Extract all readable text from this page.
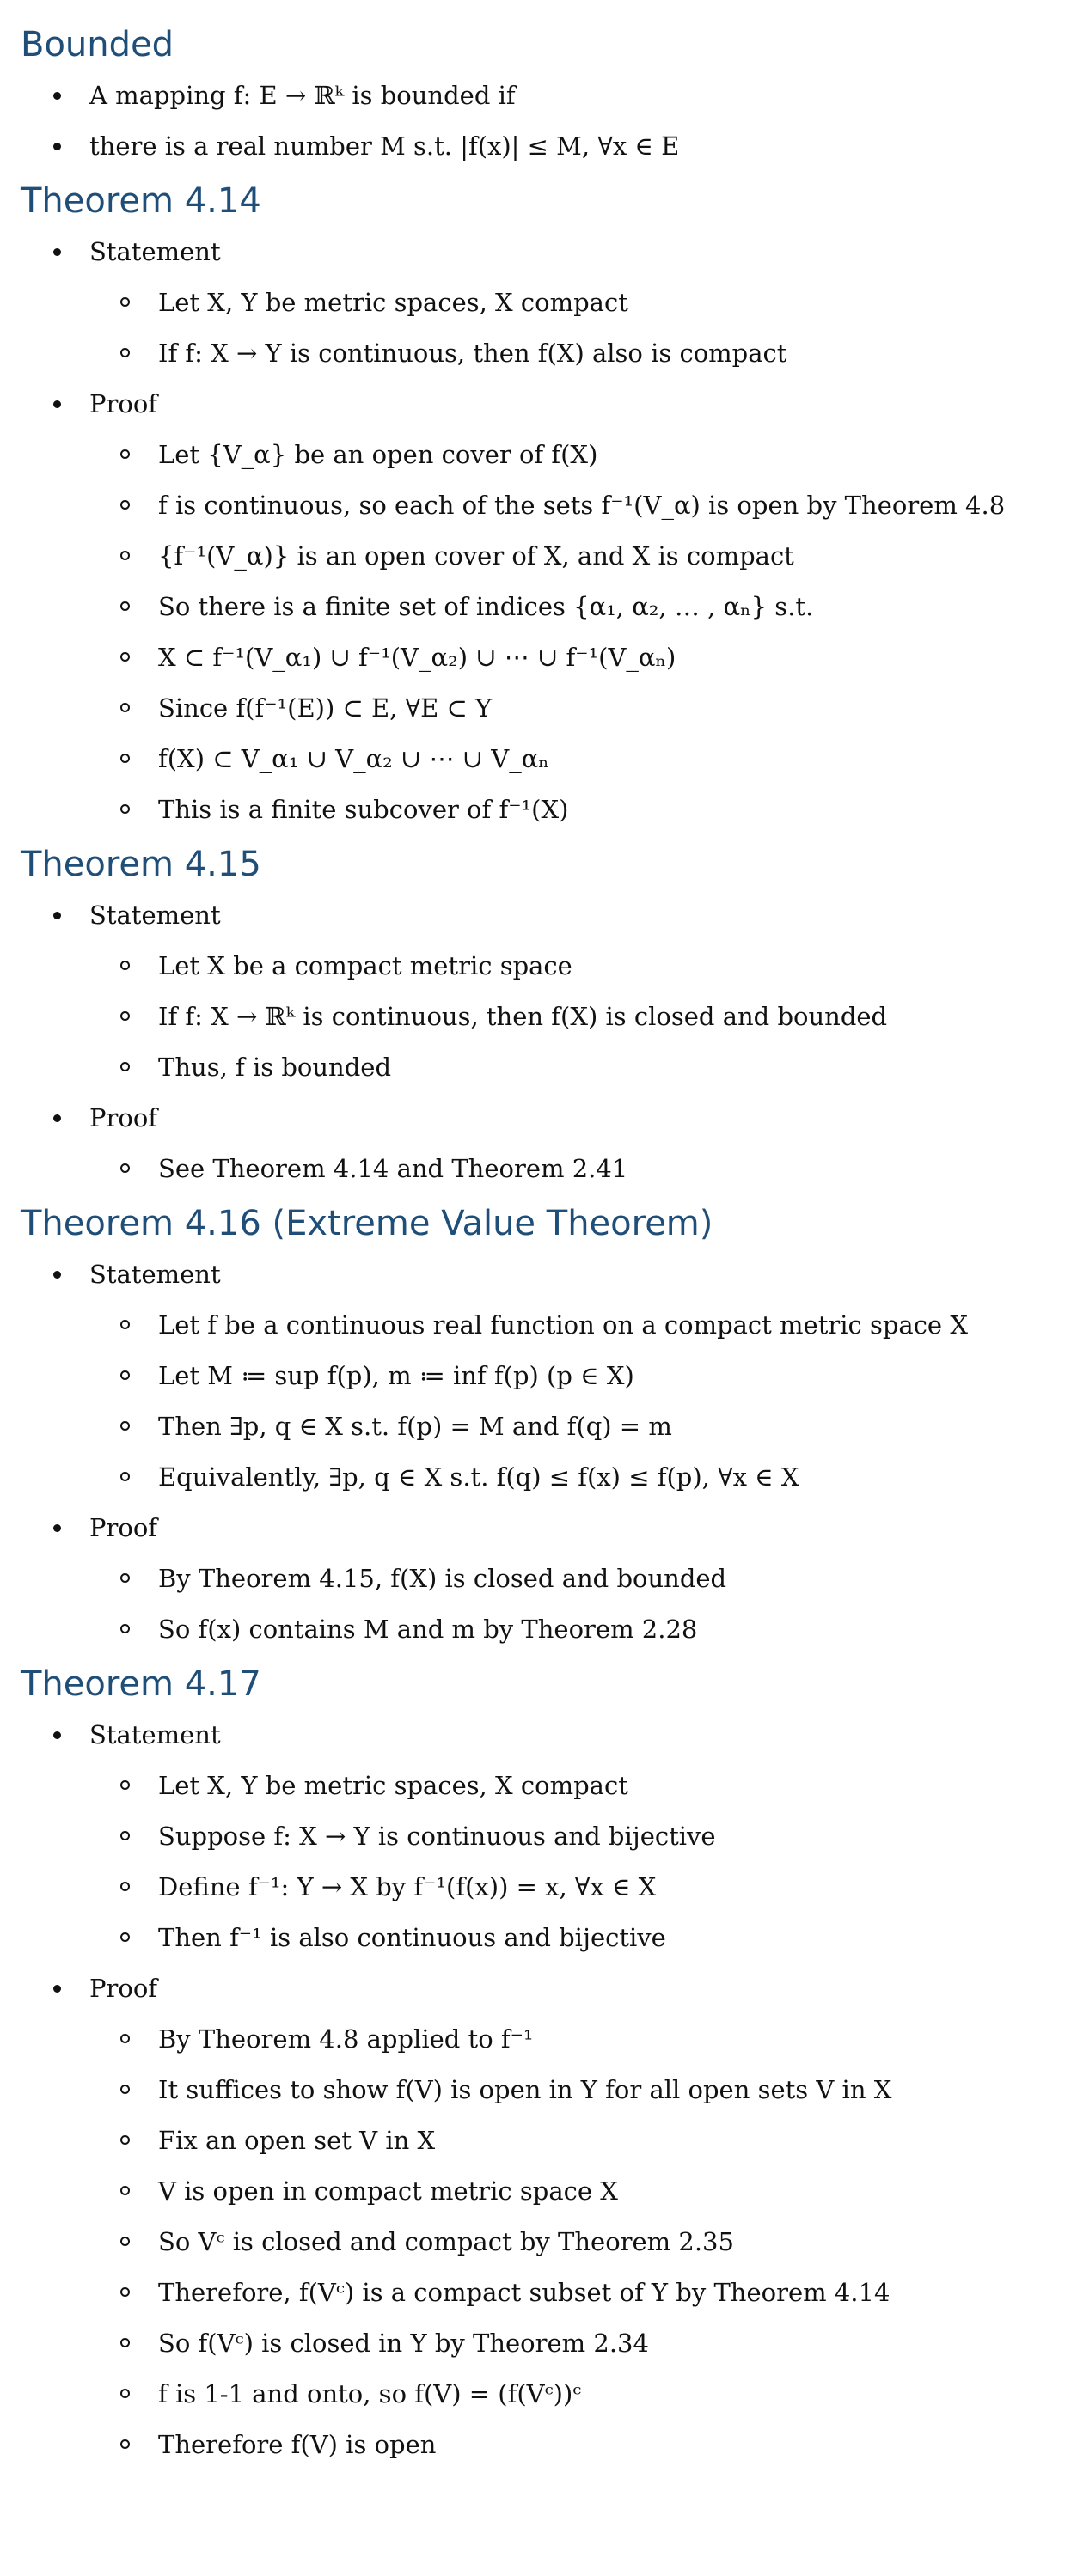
Bounded
A mapping f: E → ℝᵏ is bounded if
there is a real number M s.t. |f(x)| ≤ M, ∀x ∈ E
Theorem 4.14
Statement
Let X, Y be metric spaces, X compact
If f: X → Y is continuous, then f(X) also is compact
Proof
Let {V_α} be an open cover of f(X)
f is continuous, so each of the sets f⁻¹(V_α) is open by Theorem 4.8
{f⁻¹(V_α)} is an open cover of X, and X is compact
So there is a finite set of indices {α₁, α₂, … , αₙ} s.t.
X ⊂ f⁻¹(V_α₁) ∪ f⁻¹(V_α₂) ∪ ⋯ ∪ f⁻¹(V_αₙ)
Since f(f⁻¹(E)) ⊂ E, ∀E ⊂ Y
f(X) ⊂ V_α₁ ∪ V_α₂ ∪ ⋯ ∪ V_αₙ
This is a finite subcover of f⁻¹(X)
Theorem 4.15
Statement
Let X be a compact metric space
If f: X → ℝᵏ is continuous, then f(X) is closed and bounded
Thus, f is bounded
Proof
See Theorem 4.14 and Theorem 2.41
Theorem 4.16 (Extreme Value Theorem)
Statement
Let f be a continuous real function on a compact metric space X
Let M ≔ sup f(p), m ≔ inf f(p) (p ∈ X)
Then ∃p, q ∈ X s.t. f(p) = M and f(q) = m
Equivalently, ∃p, q ∈ X s.t. f(q) ≤ f(x) ≤ f(p), ∀x ∈ X
Proof
By Theorem 4.15, f(X) is closed and bounded
So f(x) contains M and m by Theorem 2.28
Theorem 4.17
Statement
Let X, Y be metric spaces, X compact
Suppose f: X → Y is continuous and bijective
Define f⁻¹: Y → X by f⁻¹(f(x)) = x, ∀x ∈ X
Then f⁻¹ is also continuous and bijective
Proof
By Theorem 4.8 applied to f⁻¹
It suffices to show f(V) is open in Y for all open sets V in X
Fix an open set V in X
V is open in compact metric space X
So Vᶜ is closed and compact by Theorem 2.35
Therefore, f(Vᶜ) is a compact subset of Y by Theorem 4.14
So f(Vᶜ) is closed in Y by Theorem 2.34
f is 1-1 and onto, so f(V) = (f(Vᶜ))ᶜ
Therefore f(V) is open
